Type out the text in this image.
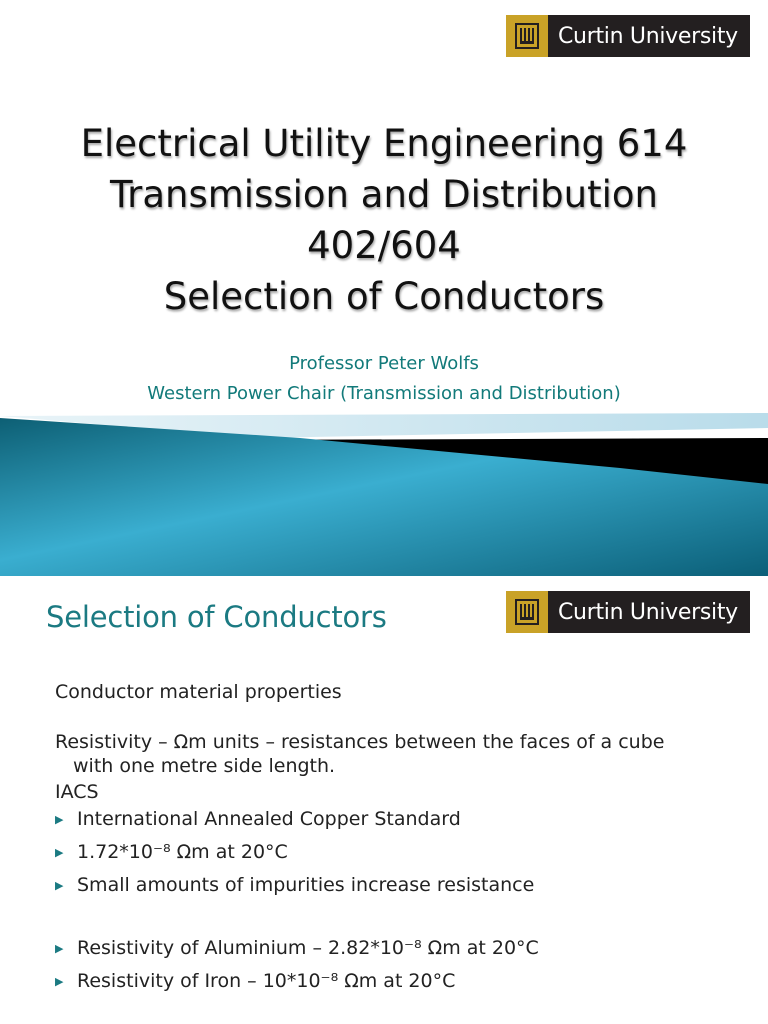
Curtin University
Electrical Utility Engineering 614
Transmission and Distribution
402/604
Selection of Conductors
Professor Peter Wolfs
Western Power Chair (Transmission and Distribution)
Curtin University
Selection of Conductors
Conductor material properties
Resistivity – Ωm units – resistances between the faces of a cube
with one metre side length.
IACS
▶ International Annealed Copper Standard
▶ 1.72*10⁻⁸ Ωm at 20°C
▶ Small amounts of impurities increase resistance
▶ Resistivity of Aluminium – 2.82*10⁻⁸ Ωm at 20°C
▶ Resistivity of Iron – 10*10⁻⁸ Ωm at 20°C
